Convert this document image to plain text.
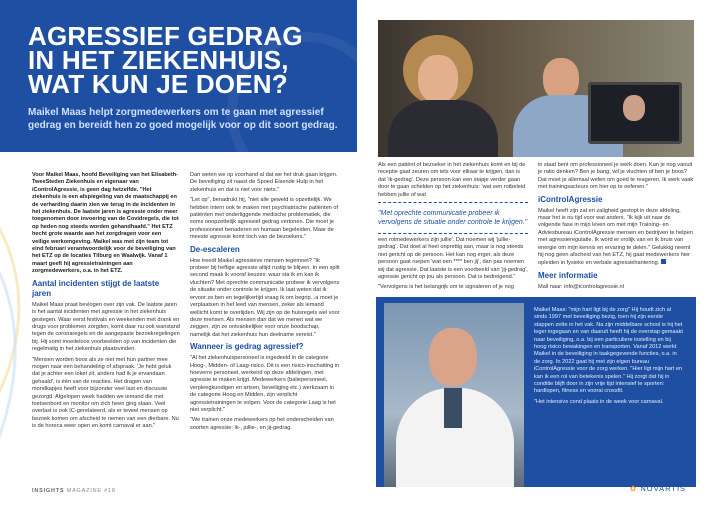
AGRESSIEF GEDRAG
IN HET ZIEKENHUIS,
WAT KUN JE DOEN?

Maikel Maas helpt zorgmedewerkers om te gaan met agressief gedrag en bereidt hen zo goed mogelijk voor op dit soort gedrag.

Voor Maikel Maas, hoofd Beveiliging van het Elisabeth-TweeSteden Ziekenhuis en eigenaar van iControlAgressie, is geen dag hetzelfde. "Het ziekenhuis is een afspiegeling van de maatschappij en de verharding daarin zien we terug in de incidenten in het ziekenhuis. De laatste jaren is agressie onder meer toegenomen door invoering van de Covidregels, die tot op heden nog steeds worden gehandhaafd." Het ETZ hecht grote waarde aan het zorgdragen voor een veilige werkomgeving. Maikel was met zijn team tot eind februari verantwoordelijk voor de beveiliging van het ETZ op de locaties Tilburg en Waalwijk. Vanaf 1 maart geeft hij agressietrainingen aan zorgmedewerkers, o.a. in het ETZ.

Aantal incidenten stijgt de laatste jaren

Maikel Maas praat bevlogen over zijn vak. De laatste jaren is het aantal incidenten met agressie in het ziekenhuis gestegen. Waar eerst festivals en weekenden met drank en drugs voor problemen zorgden, komt daar nu ook wanstand tegen de coronaregels en de aangepaste bezoekregelingen bij. Hij somt moeiteloos voorbeelden op van incidenten die regelmatig in het ziekenhuis plaatsvinden.

"Mensen worden boos als ze niet met hun partner mee mogen naar een behandeling of afspraak. 'Je hebt geluk dat je achter een loket zit, anders had ik je ervandaan gehaald', is één van de reacties. Het dragen van mondkapjes heeft voor bijzonder veel last en discussie gezorgd. Afgelopen week hadden we iemand die met toetsenbord en monitor om zich heen ging slaan. Veel overlast is ook IC-gerelateerd, als er teveel mensen op bezoek komen om afscheid te nemen van een dierbare. Nu is de horeca weer open en komt carnaval er aan."

Dan weten we op voorhand al dat we het druk gaan krijgen. De beveiliging zit naast de Spoed Eisende Hulp in het ziekenhuis en dat is niet voor niets."

"Let op", benadrukt hij, "niet alle geweld is opzettelijk. We hebben intern ook te maken met psychiatrische patiënten of patiënten met onderliggende medische problematiek, die soms onopzettelijk agressief gedrag vertonen. Die moet je professioneel benaderen en humaan begeleiden. Maar de meeste agressie komt toch van de bezoekers."

De-escaleren

Hoe treedt Maikel agressieve mensen tegemoet? "Ik probeer bij heftige agressie altijd rustig te blijven. In een split second maak ik vooraf keuzes: waar sta ik en kan ik vluchten? Met oprechte communicatie probeer ik vervolgens de situatie onder controle te krijgen. Ik laat weten dat ik ervoor ze ben en tegelijkertijd vraag ik om begrip...a moet je verplaatsen in het leed van mensen, zeker als iemand wellicht komt te overlijden. Wij zijn op de huisregels wel voor deze mensen. Als mensen dan dat we menen wat we zeggen, zijn ze ontvankelijker voor onze boodschap, namelijk dat het ziekenhuis hun deelname vereist."

Wanneer is gedrag agressief?

"Al het ziekenhuispersoneel is ingedeeld in de categorie Hoog-, Midden- of Laag-risico. Dit is een risico-inschatting in hoeverre personeel, werkend op deze afdelingen, met agressie te maken krijgt. Medewerkers (baliepersoneel, verpleegkundigen en artsen, beveiliging etc.) werkzaam in de categorie Hoog en Midden, zijn verplicht agressietrainingen te volgen. Voor de categorie Laag is het niet verplicht."

"We trainen onze medewerkers op het onderscheiden van soorten agressie: ik-, jullie-, en jij-gedrag.

Als een patiënt of bezoeker in het ziekenhuis komt en bij de receptie gaat zeuren om iets voor elkaar te krijgen, dan is dat 'ik-gedrag'. Deze persoon kan een stapje verder gaan door te gaan schelden op het ziekenhuis: 'wat een rotbeleid hebben jullie of wat

"Met oprechte communicatie probeer ik vervolgens de situatie onder controle te krijgen."

een rotmedewerkers zijn jullie'. Dat noemen wij 'jullie-gedrag'. Dat doet al heel onprettig aan, maar is nog steeds niet gericht op de persoon. Het kan nog erger, als deze persoon gaat roepen 'wat een **** ben jij', dan pas noemen wij dat agressie. Dat laatste is een voorbeeld van 'jij-gedrag', agressie gericht op jou als persoon. Dat is bedreigend."

"Vervolgens is het belangrijk om te signaleren of je nog

in staat bent om professioneel je werk doen. Kan je nog vanuit je ratio denken? Ben je bang, wil je vluchten of ben je boos? Dat moet je allemaal weten om goed te reageren. Ik werk vaak met trainingsacteurs om hier op te oefenen."

iControlAgressie

Maikel heeft zijn zat en zaligheid gestopt in deze afdeling, maar het is nu tijd voor wat anders. "Ik kijk uit naar de volgende fase in mijn leven om met mijn Training- en Adviesbureau iControlAgressie mensen en bedrijven te helpen met agressieregulatie. Ik word er vrolijk van en ik bruis van energie om mijn kennis en ervaring te delen." Gelukkig neemt hij nog geen afscheid van het ETZ, hij gaat medewerkers hier opleiden in fysieke en verbale agressiehantering.

Meer informatie

Mail naar: info@icontrolagressie.nl

Maikel Maas: "mijn hart ligt bij de zorg" Hij houdt zich al sinds 1997 met beveiliging bezig, toen hij zijn eerste stappen zette in het vak. Na zijn middelbare school is hij het leger ingegaan en van daaruit heeft hij de overstap gemaakt naar beveiliging, o.a. bij een particuliere instelling en bij hoog risico bewakingen en transporten. Vanaf 2012 werkt Maikel in de beveiliging in taakgegevende functies, o.a. in de zorg. In 2022 gaat hij met zijn eigen bureau iControlAgressie voor de zorg werken. "Hier ligt mijn hart en kan ik een rol van betekenis spelen." Hij zorgt dat hij in conditie blijft door in zijn vrije tijd intensief te sporten: hardlopen, fitness en vooral crossfit.

"Het intensive cond plaats in de week voor carnaval.

INSIGHTS MAGAZINE #18	✿ NOVARTIS
